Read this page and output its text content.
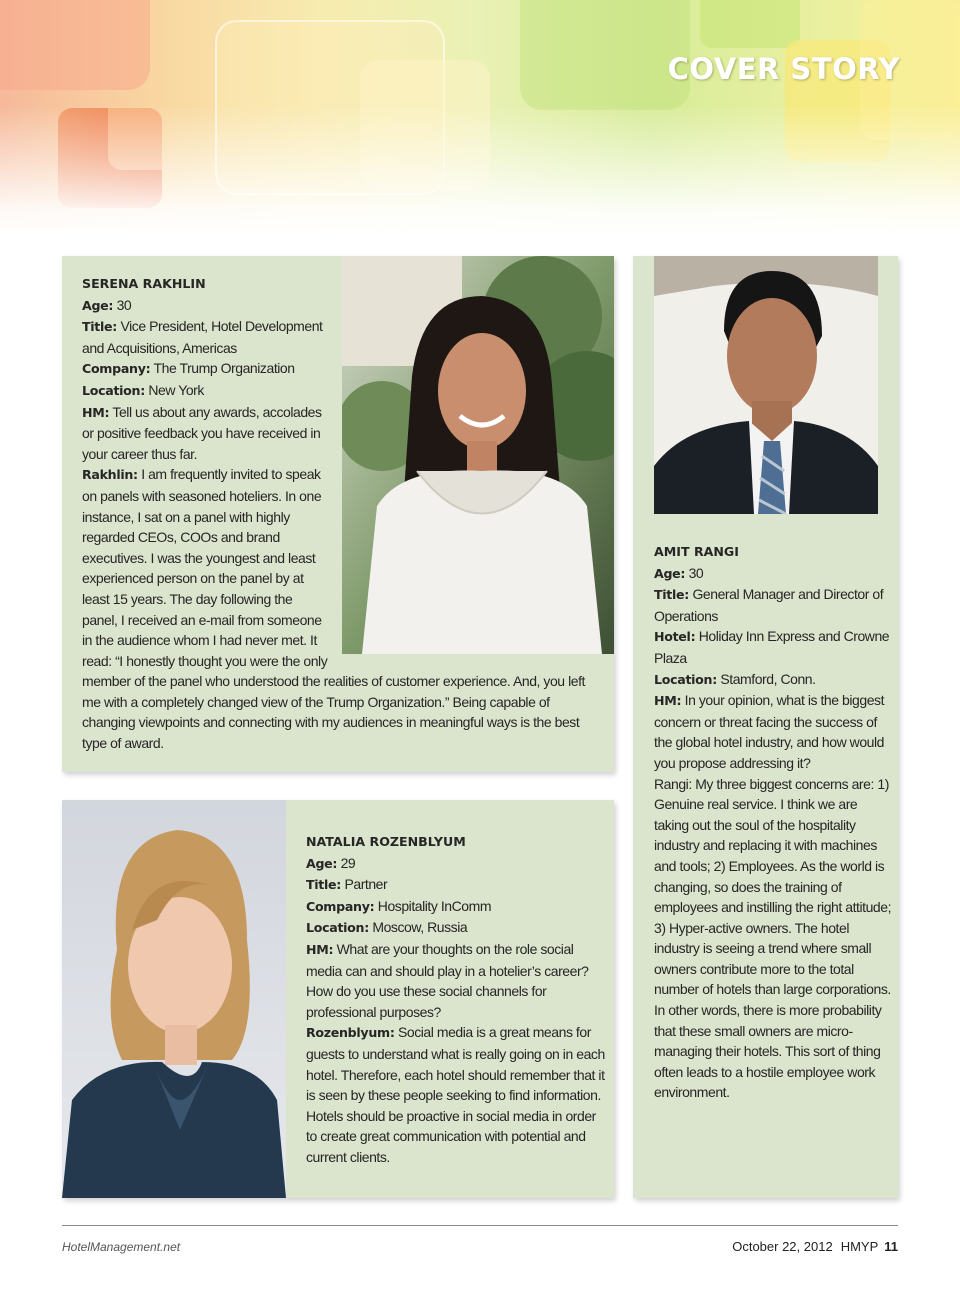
COVER STORY

SERENA RAKHLIN

Age: 30

Title: Vice President, Hotel Development and Acquisitions, Americas

Company: The Trump Organization

Location: New York

HM: Tell us about any awards, accolades or positive feedback you have received in your career thus far.

Rakhlin: I am frequently invited to speak on panels with seasoned hoteliers. In one instance, I sat on a panel with highly regarded CEOs, COOs and brand executives. I was the youngest and least experienced person on the panel by at least 15 years. The day following the panel, I received an e-mail from someone in the audience whom I had never met. It read: “I honestly thought you were the only member of the panel who understood the realities of customer experience. And, you left me with a completely changed view of the Trump Organization.” Being capable of changing viewpoints and connecting with my audiences in meaningful ways is the best type of award.

NATALIA ROZENBLYUM

Age: 29

Title: Partner

Company: Hospitality InComm

Location: Moscow, Russia

HM: What are your thoughts on the role social media can and should play in a hotelier’s career? How do you use these social channels for professional purposes?

Rozenblyum: Social media is a great means for guests to understand what is really going on in each hotel. Therefore, each hotel should remember that it is seen by these people seeking to find information. Hotels should be proactive in social media in order to create great communication with potential and current clients.

AMIT RANGI

Age: 30

Title: General Manager and Director of Operations

Hotel: Holiday Inn Express and Crowne Plaza

Location: Stamford, Conn.

HM: In your opinion, what is the biggest concern or threat facing the success of the global hotel industry, and how would you propose addressing it?

Rangi: My three biggest concerns are: 1) Genuine real service. I think we are taking out the soul of the hospitality industry and replacing it with machines and tools; 2) Employees. As the world is changing, so does the training of employees and instilling the right attitude; 3) Hyper-active owners. The hotel industry is seeing a trend where small owners contribute more to the total number of hotels than large corporations. In other words, there is more probability that these small owners are micro-managing their hotels. This sort of thing often leads to a hostile employee work environment.

HotelManagement.net	October 22, 2012 HMYP 11
